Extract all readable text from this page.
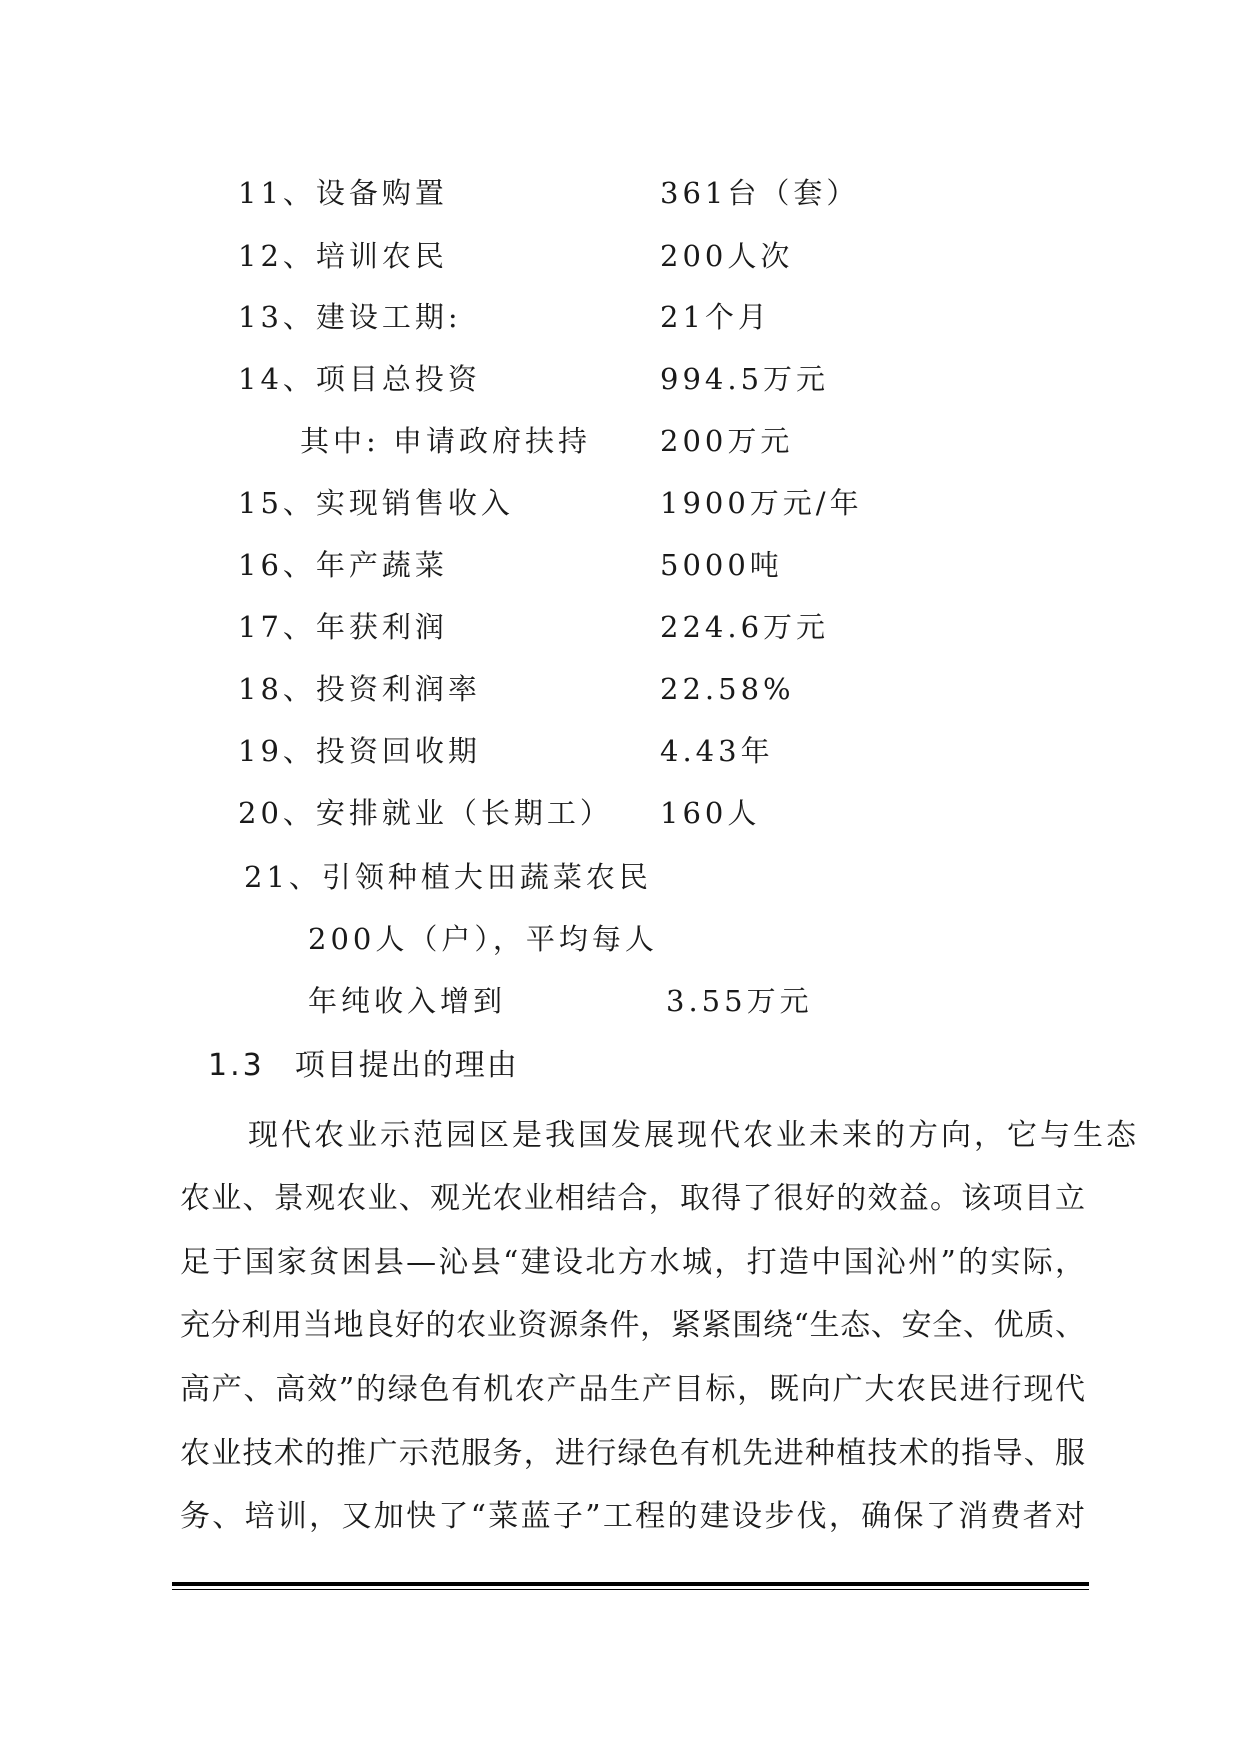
11、设备购置	361台（套）
12、培训农民	200人次
13、建设工期:	21个月
14、项目总投资	994.5万元
其中: 申请政府扶持 200万元
15、实现销售收入	1900万元/年
16、年产蔬菜	5000吨
17、年获利润	224.6万元
18、投资利润率	22.58%
19、投资回收期	4.43年
20、安排就业（长期工） 160人
21、引领种植大田蔬菜农民
200人（户），平均每人
年纯收入增到	3.55万元
1.3 项目提出的理由
现代农业示范园区是我国发展现代农业未来的方向，它与生态
农业、景观农业、观光农业相结合，取得了很好的效益。该项目立
足于国家贫困县—沁县“建设北方水城，打造中国沁州”的实际，
充分利用当地良好的农业资源条件，紧紧围绕“生态、安全、优质、
高产、高效”的绿色有机农产品生产目标，既向广大农民进行现代
农业技术的推广示范服务，进行绿色有机先进种植技术的指导、服
务、培训，又加快了“菜蓝子”工程的建设步伐，确保了消费者对
